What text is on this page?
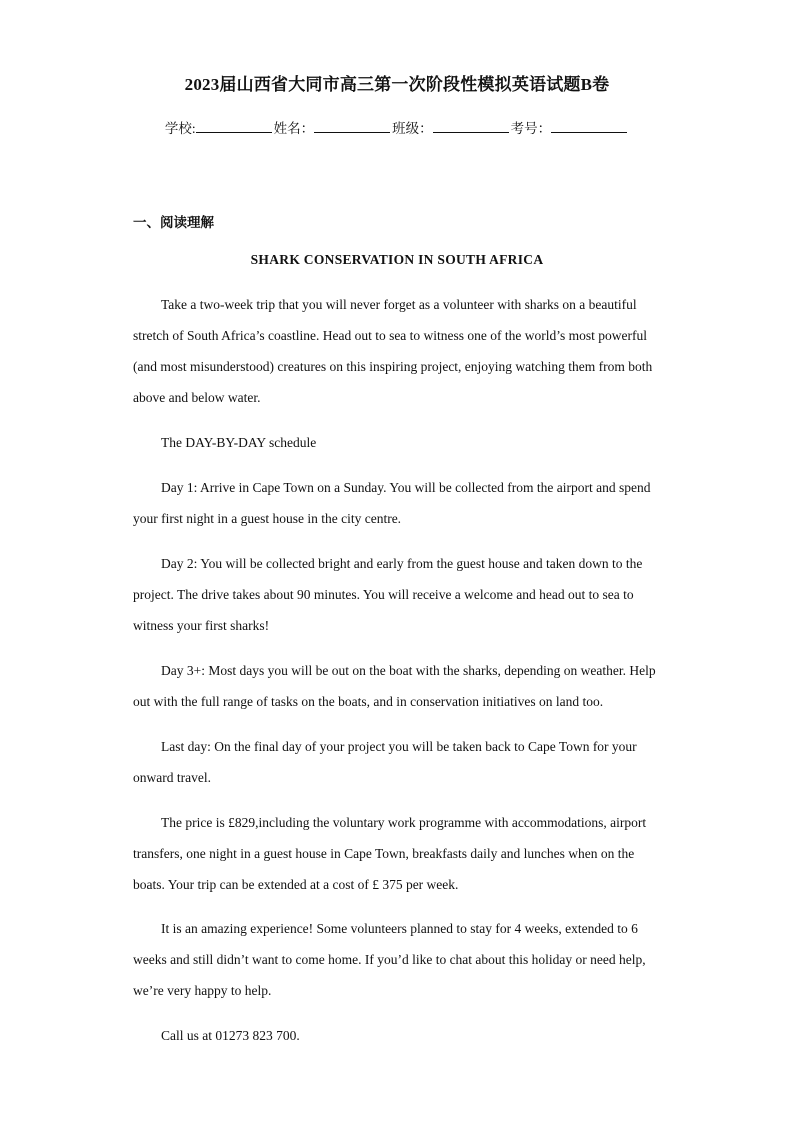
2023届山西省大同市高三第一次阶段性模拟英语试题B卷
学校:	姓名：	班级：	考号：
一、阅读理解
SHARK CONSERVATION IN SOUTH AFRICA

Take a two-week trip that you will never forget as a volunteer with sharks on a beautiful stretch of South Africa’s coastline. Head out to sea to witness one of the world’s most powerful (and most misunderstood) creatures on this inspiring project, enjoying watching them from both above and below water.

The DAY-BY-DAY schedule

Day 1: Arrive in Cape Town on a Sunday. You will be collected from the airport and spend your first night in a guest house in the city centre.

Day 2: You will be collected bright and early from the guest house and taken down to the project. The drive takes about 90 minutes. You will receive a welcome and head out to sea to witness your first sharks!

Day 3+: Most days you will be out on the boat with the sharks, depending on weather. Help out with the full range of tasks on the boats, and in conservation initiatives on land too.

Last day: On the final day of your project you will be taken back to Cape Town for your onward travel.

The price is £829,including the voluntary work programme with accommodations, airport transfers, one night in a guest house in Cape Town, breakfasts daily and lunches when on the boats. Your trip can be extended at a cost of £ 375 per week.

It is an amazing experience! Some volunteers planned to stay for 4 weeks, extended to 6 weeks and still didn’t want to come home. If you’d like to chat about this holiday or need help, we’re very happy to help.

Call us at 01273 823 700.
